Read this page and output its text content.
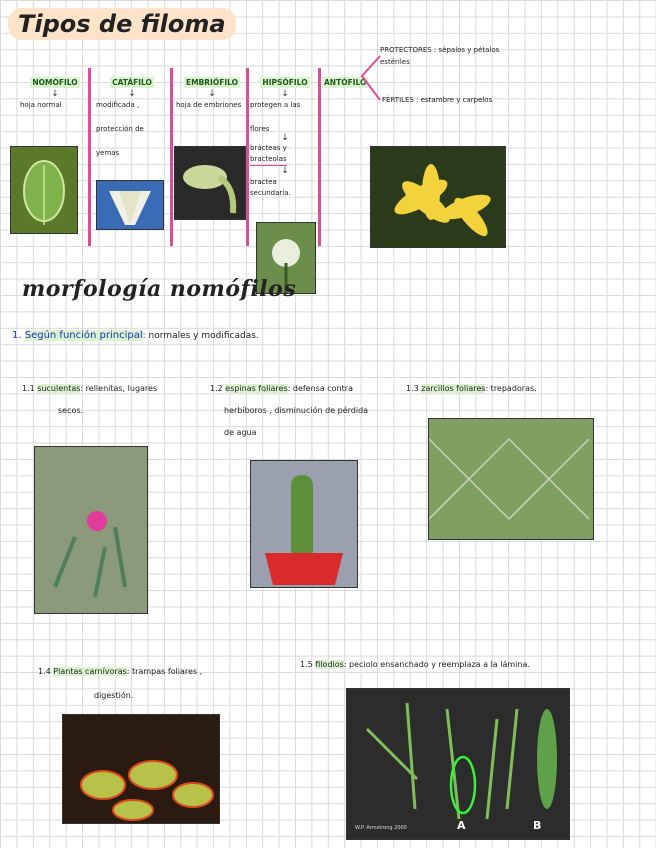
Tipos de filoma
NOMÓFILO
↓
hoja normal
CATÁFILO
↓
modificada ,
protección de
yemas
EMBRIÓFILO
↓
hoja de embriones
HIPSÓFILO
↓
protegen a las
flores
↓
brácteas y
bracteolas
↓
bractea
secundaria.
ANTÓFILO
PROTECTORES : sépalos y pétalos
estériles
FÉRTILES : estambre y carpelos
morfología nomófilos
1. Según función principal: normales y modificadas.
1.1 suculentas: rellenitas, lugares
secos.
1.2 espinas foliares: defensa contra
herbíboros , disminución de pérdida
de agua
1.3 zarcillos foliares: trepadoras.
1.4 Plantas carnívoras: trampas foliares ,
digestión.
1.5 filodios: peciolo ensanchado y reemplaza a la lámina.
A	B
W.P. Armstrong 2000
